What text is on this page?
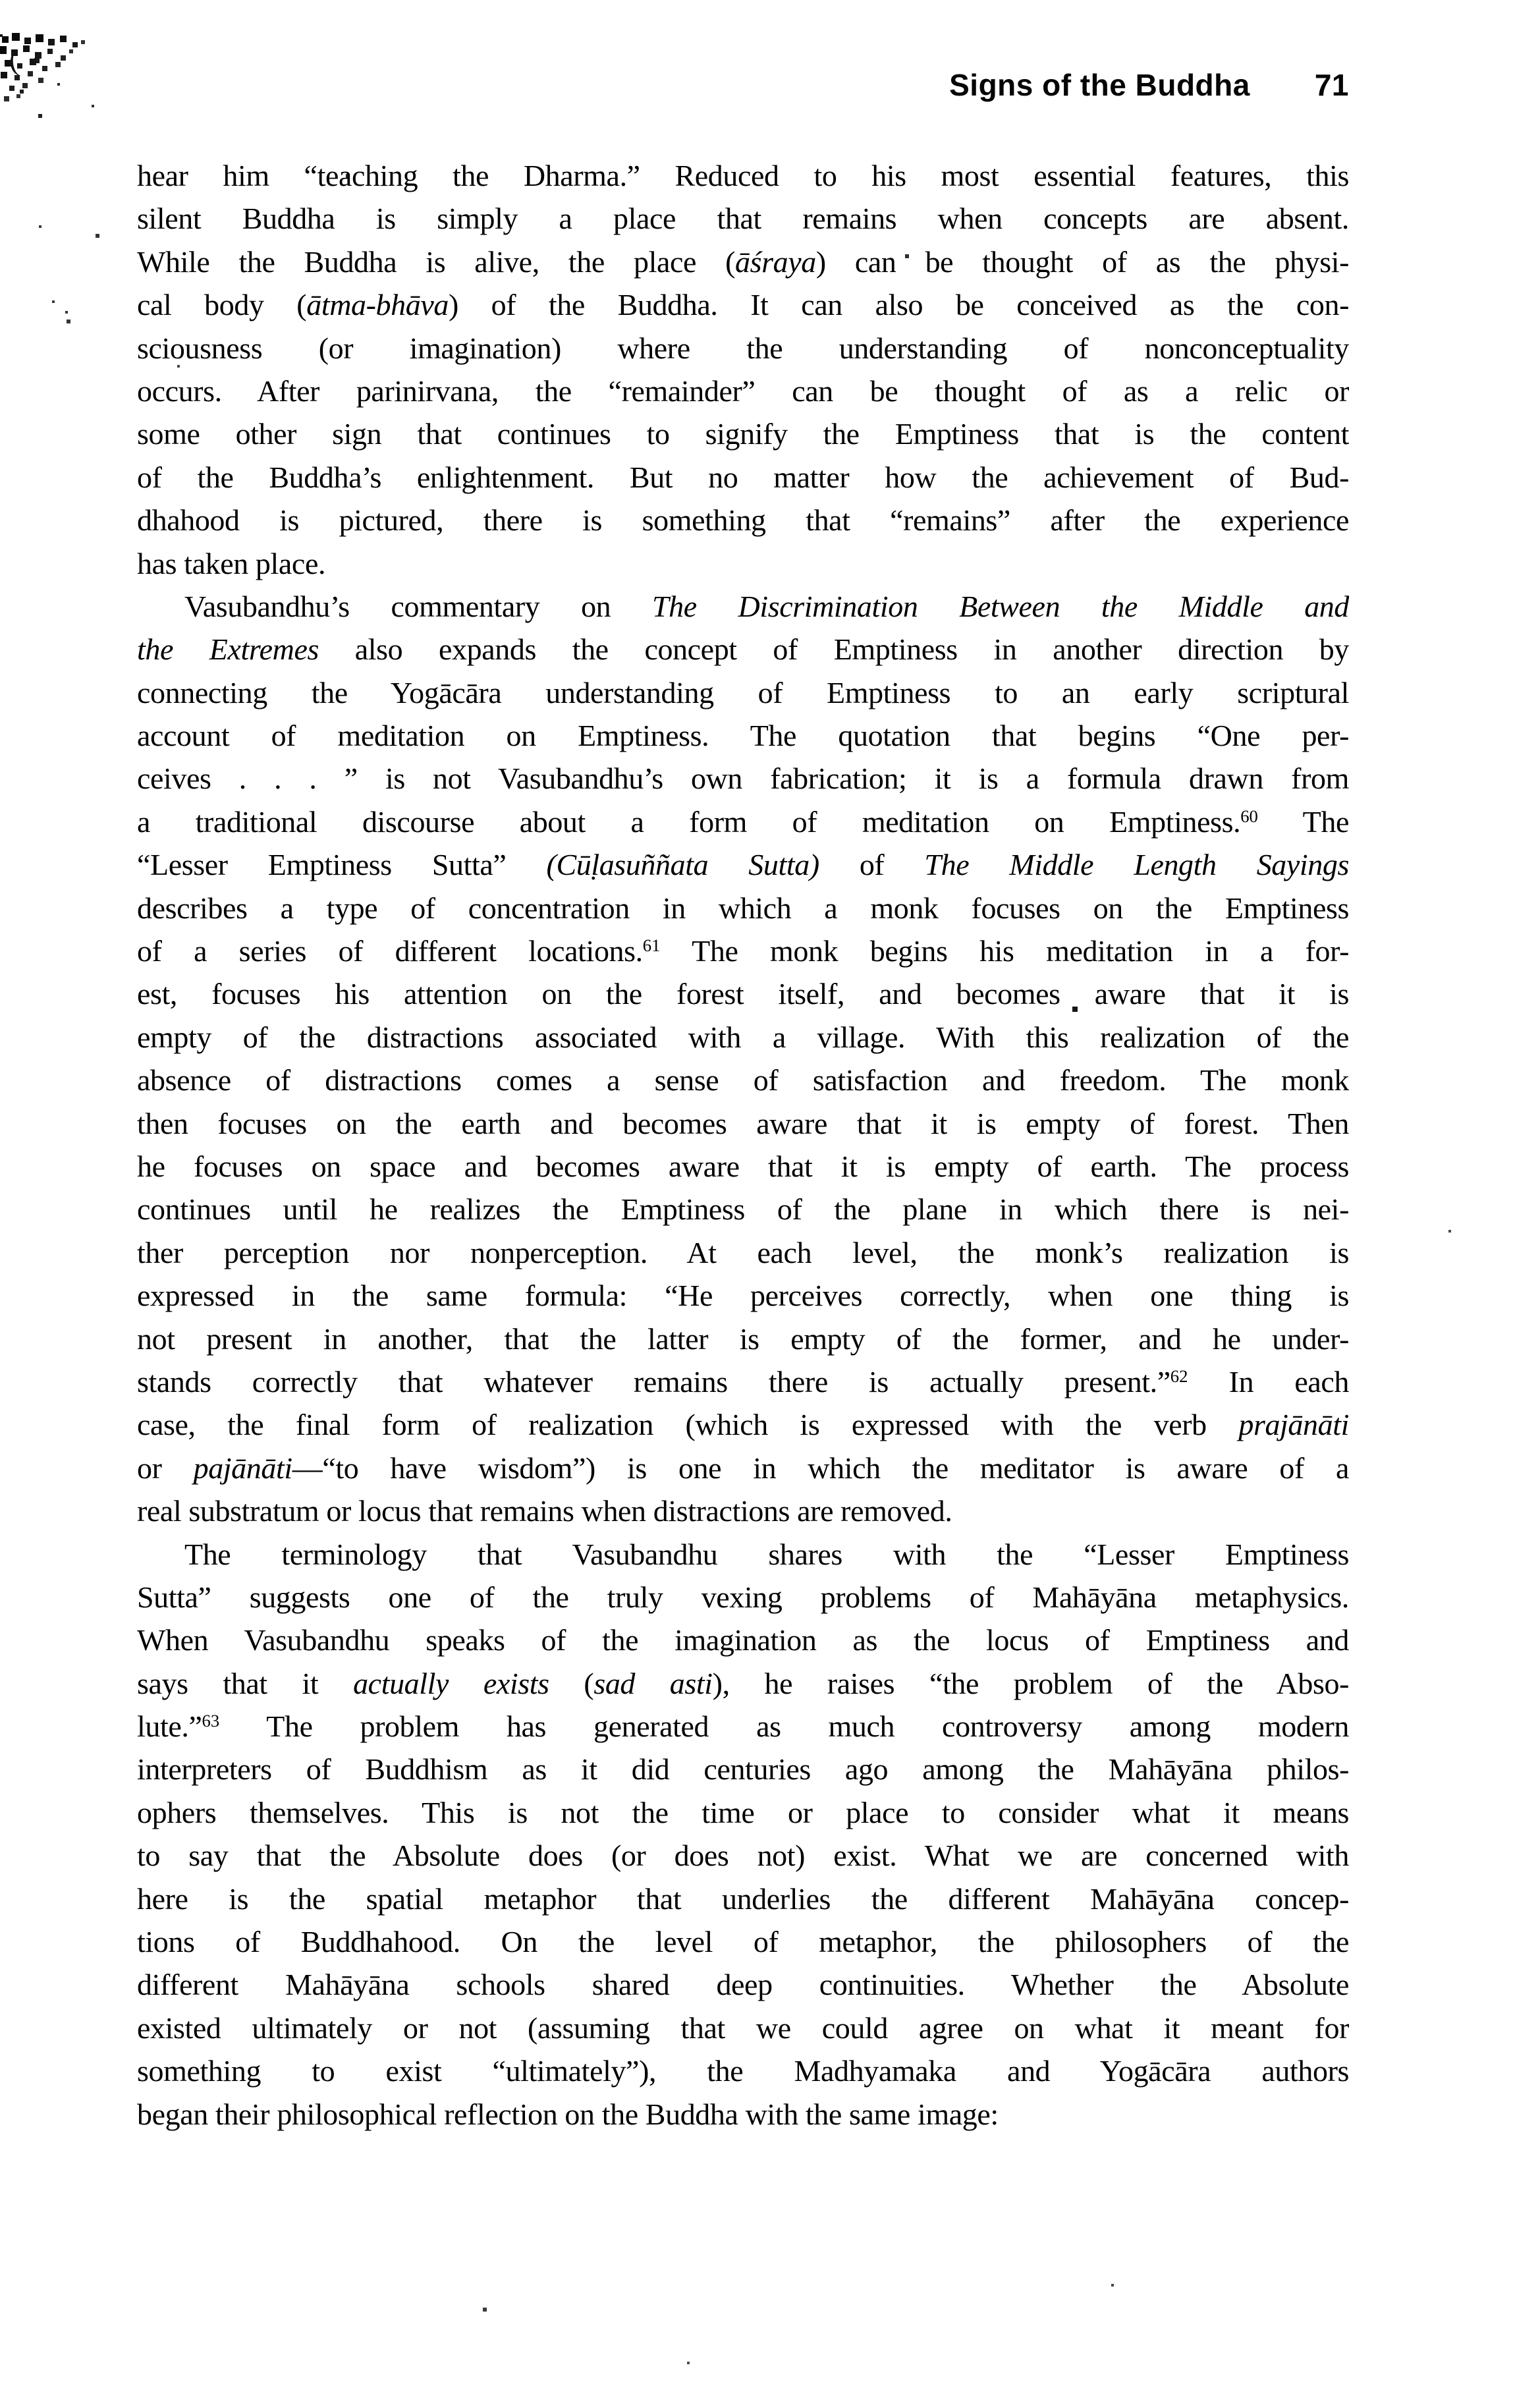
Signs of the Buddha 71
hear him “teaching the Dharma.” Reduced to his most essential features, this
silent Buddha is simply a place that remains when concepts are absent.
While the Buddha is alive, the place (āśraya) can be thought of as the physi-
cal body (ātma-bhāva) of the Buddha. It can also be conceived as the con-
sciousness (or imagination) where the understanding of nonconceptuality
occurs. After parinirvana, the “remainder” can be thought of as a relic or
some other sign that continues to signify the Emptiness that is the content
of the Buddha’s enlightenment. But no matter how the achievement of Bud-
dhahood is pictured, there is something that “remains” after the experience
has taken place.
Vasubandhu’s commentary on The Discrimination Between the Middle and
the Extremes also expands the concept of Emptiness in another direction by
connecting the Yogācāra understanding of Emptiness to an early scriptural
account of meditation on Emptiness. The quotation that begins “One per-
ceives . . . ” is not Vasubandhu’s own fabrication; it is a formula drawn from
a traditional discourse about a form of meditation on Emptiness.$^{60}$ The
“Lesser Emptiness Sutta” (Cūḷasuññata Sutta) of The Middle Length Sayings
describes a type of concentration in which a monk focuses on the Emptiness
of a series of different locations.$^{61}$ The monk begins his meditation in a for-
est, focuses his attention on the forest itself, and becomes aware that it is
empty of the distractions associated with a village. With this realization of the
absence of distractions comes a sense of satisfaction and freedom. The monk
then focuses on the earth and becomes aware that it is empty of forest. Then
he focuses on space and becomes aware that it is empty of earth. The process
continues until he realizes the Emptiness of the plane in which there is nei-
ther perception nor nonperception. At each level, the monk’s realization is
expressed in the same formula: “He perceives correctly, when one thing is
not present in another, that the latter is empty of the former, and he under-
stands correctly that whatever remains there is actually present.”$^{62}$ In each
case, the final form of realization (which is expressed with the verb prajānāti
or pajānāti—“to have wisdom”) is one in which the meditator is aware of a
real substratum or locus that remains when distractions are removed.
The terminology that Vasubandhu shares with the “Lesser Emptiness
Sutta” suggests one of the truly vexing problems of Mahāyāna metaphysics.
When Vasubandhu speaks of the imagination as the locus of Emptiness and
says that it actually exists (sad asti), he raises “the problem of the Abso-
lute.”$^{63}$ The problem has generated as much controversy among modern
interpreters of Buddhism as it did centuries ago among the Mahāyāna philos-
ophers themselves. This is not the time or place to consider what it means
to say that the Absolute does (or does not) exist. What we are concerned with
here is the spatial metaphor that underlies the different Mahāyāna concep-
tions of Buddhahood. On the level of metaphor, the philosophers of the
different Mahāyāna schools shared deep continuities. Whether the Absolute
existed ultimately or not (assuming that we could agree on what it meant for
something to exist “ultimately”), the Madhyamaka and Yogācāra authors
began their philosophical reflection on the Buddha with the same image:
